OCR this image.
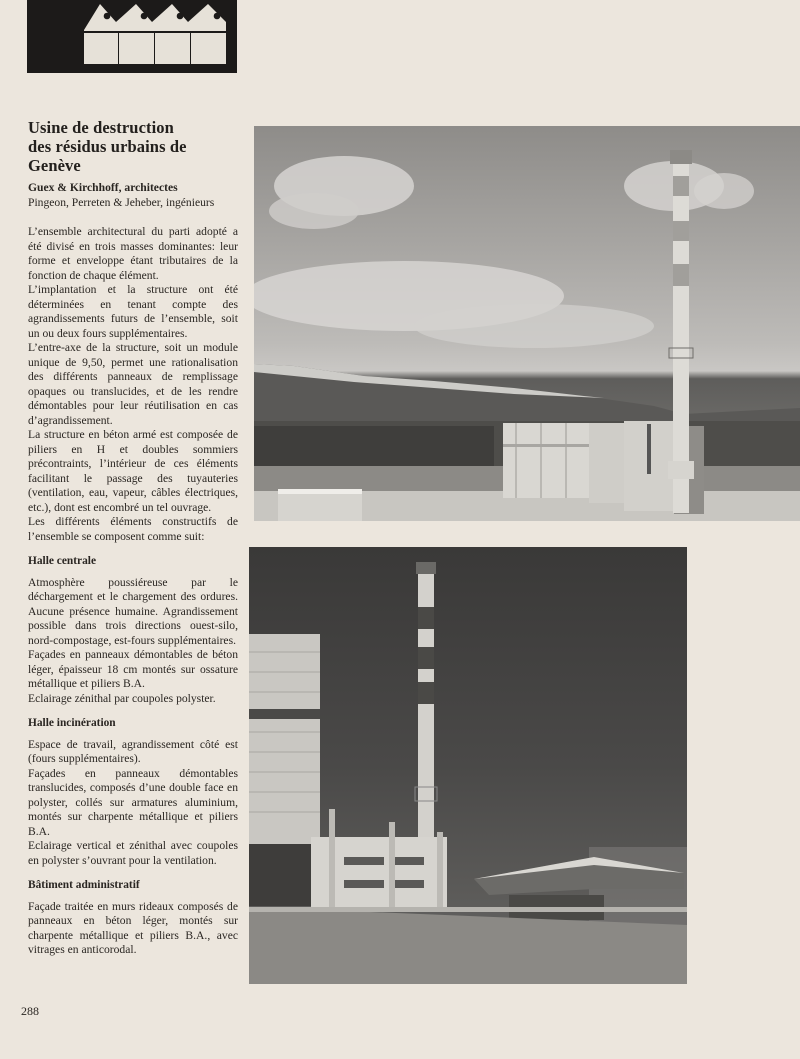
Usine de destruction
des résidus urbains de Genève
Guex & Kirchhoff, architectes
Pingeon, Perreten & Jeheber, ingénieurs

L’ensemble architectural du parti adopté a été divisé en trois masses dominantes: leur forme et enveloppe étant tributaires de la fonction de chaque élément.

L’implantation et la structure ont été déterminées en tenant compte des agrandissements futurs de l’ensemble, soit un ou deux fours supplémentaires.

L’entre-axe de la structure, soit un module unique de 9,50, permet une rationalisation des différents panneaux de remplissage opaques ou translucides, et de les rendre démontables pour leur réutilisation en cas d’agrandissement.

La structure en béton armé est composée de piliers en H et doubles sommiers précontraints, l’intérieur de ces éléments facilitant le passage des tuyauteries (ventilation, eau, vapeur, câbles électriques, etc.), dont est encombré un tel ouvrage.

Les différents éléments constructifs de l’ensemble se composent comme suit:

Halle centrale

Atmosphère poussiéreuse par le déchargement et le chargement des ordures. Aucune présence humaine. Agrandissement possible dans trois directions ouest-silo, nord-compostage, est-fours supplémentaires.

Façades en panneaux démontables de béton léger, épaisseur 18 cm montés sur ossature métallique et piliers B.A.

Eclairage zénithal par coupoles polyster.

Halle incinération

Espace de travail, agrandissement côté est (fours supplémentaires).

Façades en panneaux démontables translucides, composés d’une double face en polyster, collés sur armatures aluminium, montés sur charpente métallique et piliers B.A.

Eclairage vertical et zénithal avec coupoles en polyster s’ouvrant pour la ventilation.

Bâtiment administratif

Façade traitée en murs rideaux composés de panneaux en béton léger, montés sur charpente métallique et piliers B.A., avec vitrages en anticorodal.

288
